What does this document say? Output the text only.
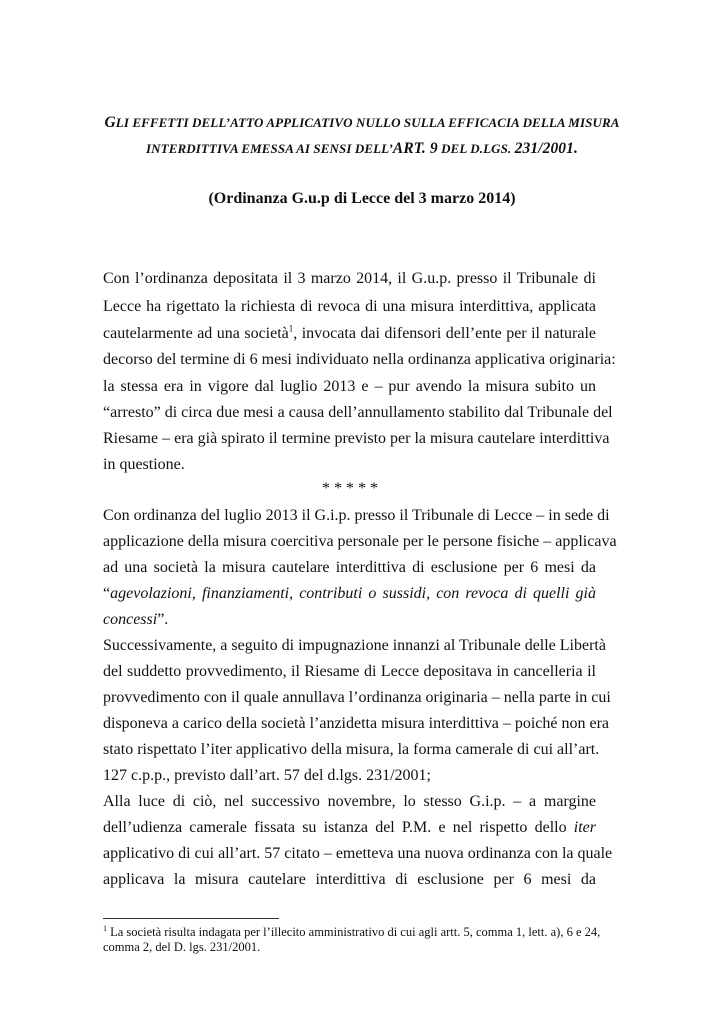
GLI EFFETTI DELL’ATTO APPLICATIVO NULLO SULLA EFFICACIA DELLA MISURA
INTERDITTIVA EMESSA AI SENSI DELL’ART. 9 DEL D.LGS. 231/2001.
(Ordinanza G.u.p di Lecce del 3 marzo 2014)
Con l’ordinanza depositata il 3 marzo 2014, il G.u.p. presso il Tribunale di
Lecce ha rigettato la richiesta di revoca di una misura interdittiva, applicata
cautelarmente ad una società$^1$, invocata dai difensori dell’ente per il naturale
decorso del termine di 6 mesi individuato nella ordinanza applicativa originaria:
la stessa era in vigore dal luglio 2013 e – pur avendo la misura subito un
“arresto” di circa due mesi a causa dell’annullamento stabilito dal Tribunale del
Riesame – era già spirato il termine previsto per la misura cautelare interdittiva
in questione.
* * * * *
Con ordinanza del luglio 2013 il G.i.p. presso il Tribunale di Lecce – in sede di
applicazione della misura coercitiva personale per le persone fisiche – applicava
ad una società la misura cautelare interdittiva di esclusione per 6 mesi da
“agevolazioni, finanziamenti, contributi o sussidi, con revoca di quelli già
concessi”.
Successivamente, a seguito di impugnazione innanzi al Tribunale delle Libertà
del suddetto provvedimento, il Riesame di Lecce depositava in cancelleria il
provvedimento con il quale annullava l’ordinanza originaria – nella parte in cui
disponeva a carico della società l’anzidetta misura interdittiva – poiché non era
stato rispettato l’iter applicativo della misura, la forma camerale di cui all’art.
127 c.p.p., previsto dall’art. 57 del d.lgs. 231/2001;
Alla luce di ciò, nel successivo novembre, lo stesso G.i.p. – a margine
dell’udienza camerale fissata su istanza del P.M. e nel rispetto dello iter
applicativo di cui all’art. 57 citato – emetteva una nuova ordinanza con la quale
applicava la misura cautelare interdittiva di esclusione per 6 mesi da
$^1$ La società risulta indagata per l’illecito amministrativo di cui agli artt. 5, comma 1, lett. a), 6 e 24,
comma 2, del D. lgs. 231/2001.
